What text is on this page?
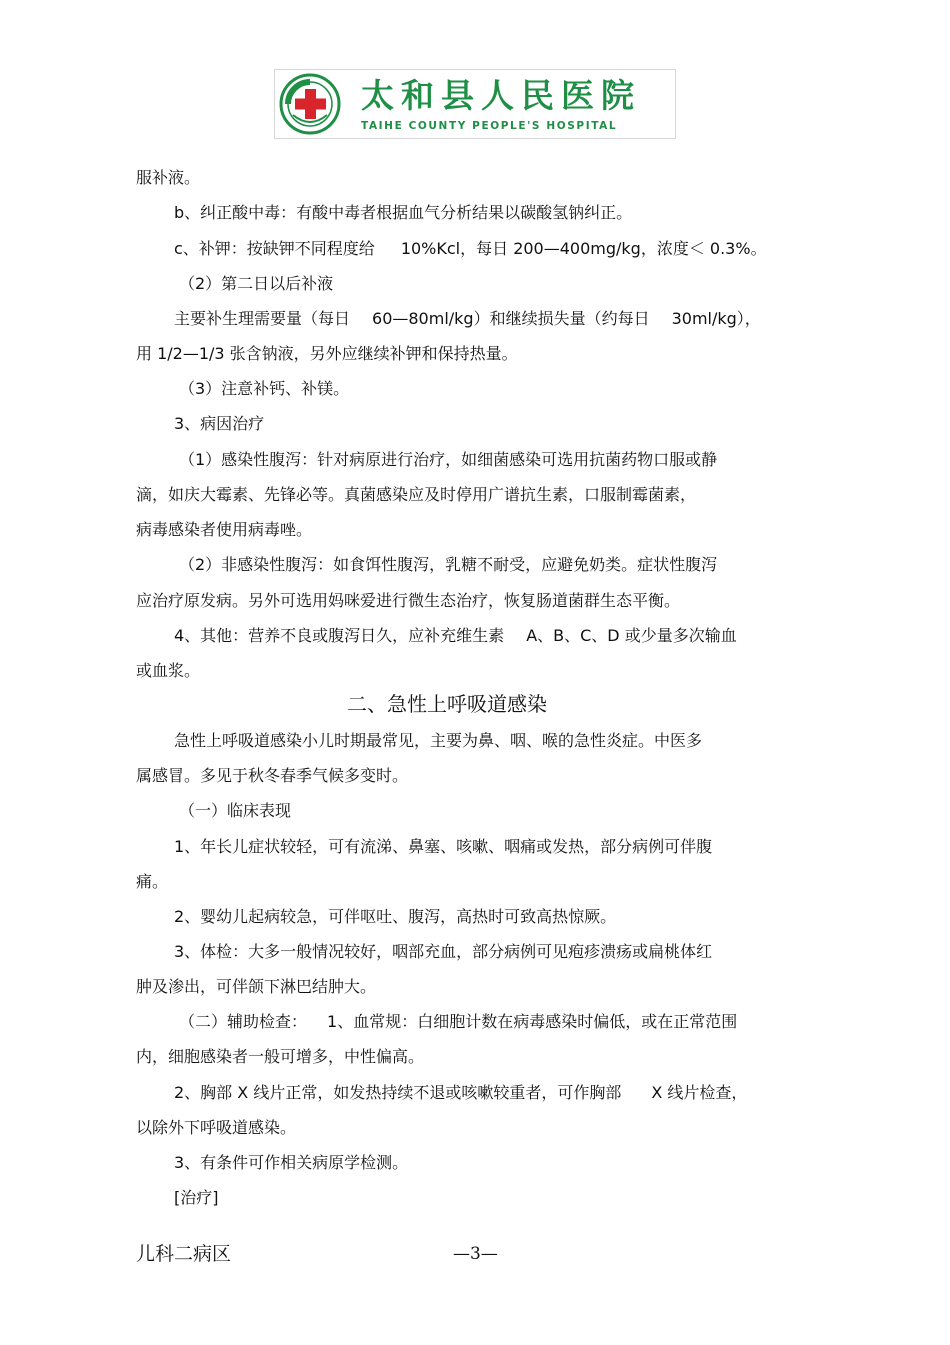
太和县人民医院
TAIHE COUNTY PEOPLE'S HOSPITAL
服补液。
b、纠正酸中毒：有酸中毒者根据血气分析结果以碳酸氢钠纠正。
c、补钾：按缺钾不同程度给 10%Kcl，每日 200—400mg/kg，浓度＜ 0.3%。
（2）第二日以后补液
主要补生理需要量（每日 60—80ml/kg）和继续损失量（约每日 30ml/kg），
用 1/2—1/3 张含钠液，另外应继续补钾和保持热量。
（3）注意补钙、补镁。
3、病因治疗
（1）感染性腹泻：针对病原进行治疗，如细菌感染可选用抗菌药物口服或静
滴，如庆大霉素、先锋必等。真菌感染应及时停用广谱抗生素，口服制霉菌素，
病毒感染者使用病毒唑。
（2）非感染性腹泻：如食饵性腹泻，乳糖不耐受，应避免奶类。症状性腹泻
应治疗原发病。另外可选用妈咪爱进行微生态治疗，恢复肠道菌群生态平衡。
4、其他：营养不良或腹泻日久，应补充维生素 A、B、C、D 或少量多次输血
或血浆。
二、急性上呼吸道感染
急性上呼吸道感染小儿时期最常见，主要为鼻、咽、喉的急性炎症。中医多
属感冒。多见于秋冬春季气候多变时。
（一）临床表现
1、年长儿症状较轻，可有流涕、鼻塞、咳嗽、咽痛或发热，部分病例可伴腹
痛。
2、婴幼儿起病较急，可伴呕吐、腹泻，高热时可致高热惊厥。
3、体检：大多一般情况较好，咽部充血，部分病例可见疱疹溃疡或扁桃体红
肿及渗出，可伴颌下淋巴结肿大。
（二）辅助检查： 1、血常规：白细胞计数在病毒感染时偏低，或在正常范围
内，细胞感染者一般可增多，中性偏高。
2、胸部 X 线片正常，如发热持续不退或咳嗽较重者，可作胸部 X 线片检查，
以除外下呼吸道感染。
3、有条件可作相关病原学检测。
[治疗]
儿科二病区	—3—
